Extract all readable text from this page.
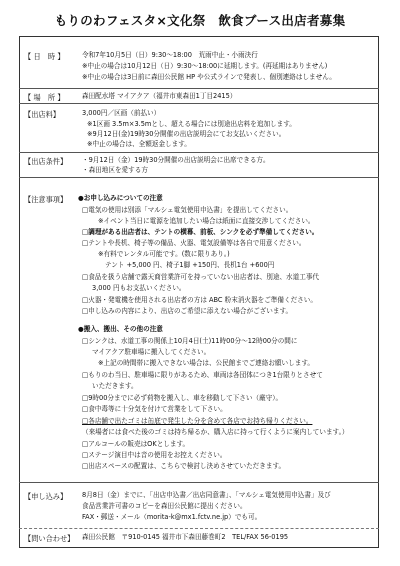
もりのわフェスタ×文化祭　飲食ブース出店者募集
【 日　時 】	令和7年10月5日（日）9:30～18:00　荒雨中止・小雨決行
※中止の場合は10月12日（日）9:30～18:00に延期します。(再延期はありません)
※中止の場合は3日前に森田公民館 HP や公式ラインで発表し、個別連絡はしません。
【 場　所 】	森田配水塔 マイアクア（福井市東森田1丁目2415）
【出店料】	3,000円／区画（前払い）
※1区画 3.5m×3.5mとし、超える場合には別途出店料を追加します。
※9月12日(金)19時30分開催の出店説明会にてお支払いください。
※中止の場合は、全額返金します。
【出店条件】 ・9月12日（金）19時30分開催の出店説明会に出席できる方。
・森田地区を愛する方
【注意事項】 ●お申し込みについての注意
□電気の使用は別添「マルシェ電気使用申込書」を提出してください。
※イベント当日に電源を追加したい場合は紙面に直接交渉してください。
□調理がある出店者は、テントの横幕、前板、シンクを必ず準備してください。
□テントや長机、椅子等の備品、火器、電気設備等は各自で用意ください。
※有料でレンタル可能です。(数に限りあり。)
テント +5,000 円、椅子1脚 +150円、長机1台 +600円
□食品を扱う店舗で露天商営業許可を持っていない出店者は、別途、水道工事代
3,000 円もお支払いください。
□火器・発電機を使用される出店者の方は ABC 粉末消火器をご準備ください。
□申し込みの内容により、出店のご希望に添えない場合がございます。
●搬入、搬出、その他の注意
□シンクは、水道工事の関係上10月4日(土)11時00分～12時00分の間に
マイアクア駐車場に搬入してください。
※上記の時間帯に搬入できない場合は、公民館までご連絡お願いします。
□もりのわ当日、駐車場に限りがあるため、車両は各団体につき1台限りとさせて
いただきます。
□9時00分までに必ず荷物を搬入し、車を移動して下さい（厳守）。
□食中毒等に十分気を付けて営業をして下さい。
□各店舗で出たゴミは缶底で発生した分を含めて各店でお持ち帰りください。
（来場者には食べた後のゴミは持ち帰るか、購入店に持って行くように案内しています。）
□アルコールの販売はOKとします。
□ステージ演目中は音の使用をお控えください。
□出店スペースの配置は、こちらで検討し決めさせていただきます。
【申し込み】 8月8日（金）までに、「出店申込書／出店同意書」、「マルシェ電気使用申込書」及び
食品営業許可書のコピーを森田公民館に提出ください。
FAX・郵送・メール（morita-k@mx1.fctv.ne.jp）でも可。
【問い合わせ】 森田公民館　〒910-0145 福井市下森田藤巻町2　TEL/FAX 56-0195
